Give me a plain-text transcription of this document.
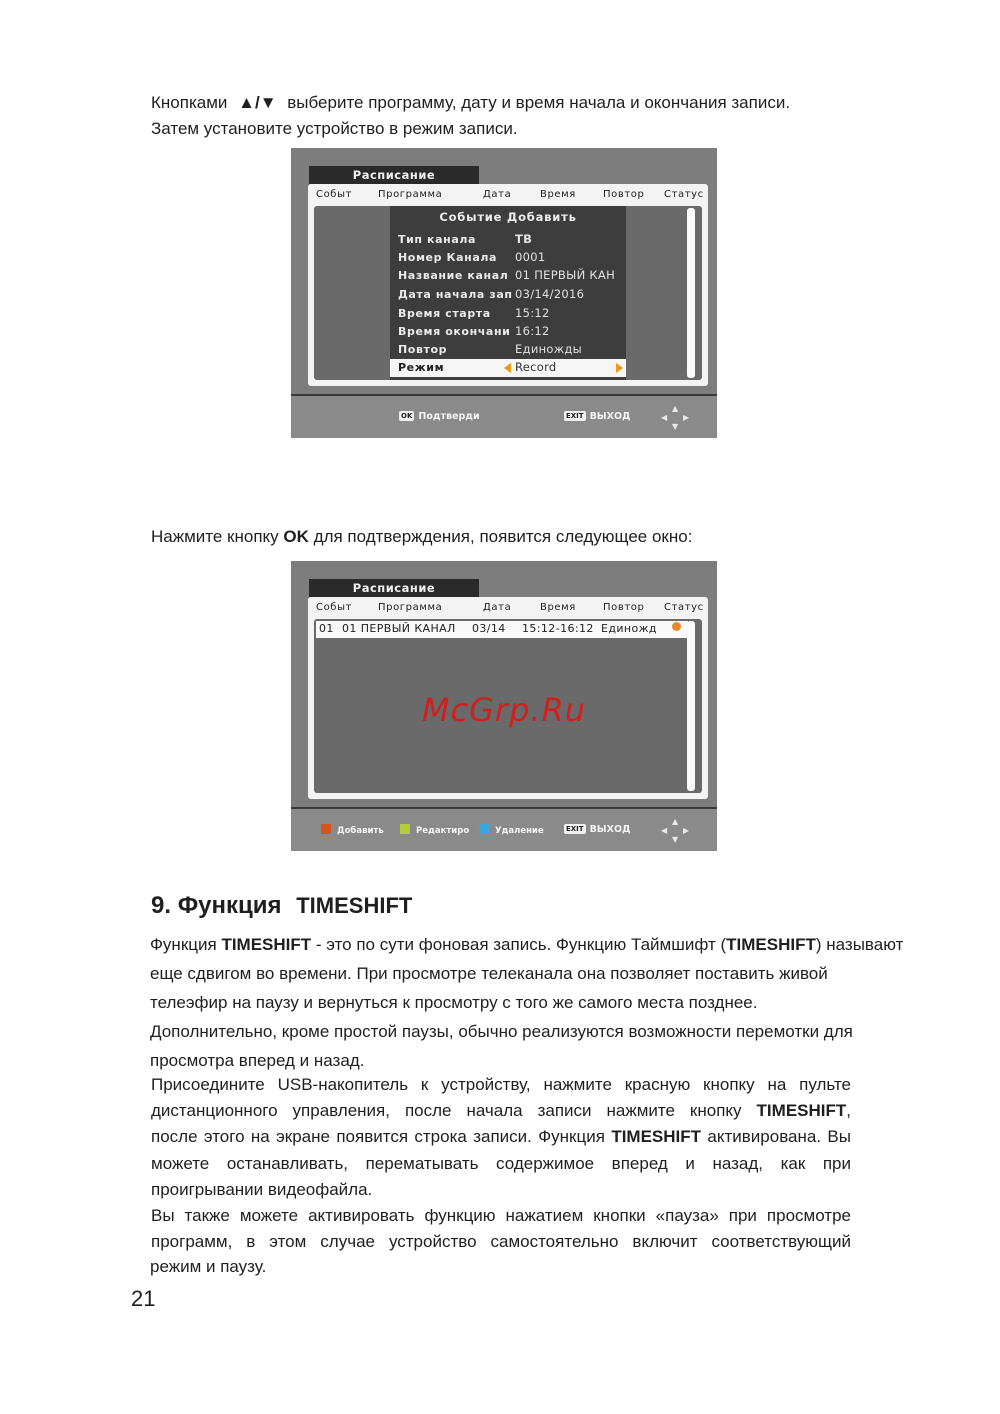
Кнопками ▲/▼ выберите программу, дату и время начала и окончания записи.

Затем установите устройство в режим записи.

Расписание
Событ	Программа	Дата	Время	Повтор Статус
Событие Добавить
Тип канала	ТВ
Номер Канала 0001
Название канал 01 ПЕРВЫЙ КАН
Дата начала зап 03/14/2016
Время старта 15:12
Время окончани 16:12
Повтор	Единожды
Режим	Record
OK Подтверди	EXIT ВЫХОД
▲
◀ ▶
▼

Нажмите кнопку OK для подтверждения, появится следующее окно:

Расписание
Событ	Программа	Дата	Время	Повтор Статус
01 01 ПЕРВЫЙ КАНАЛ 03/14 15:12-16:12 Единожд
McGrp.Ru
Добавить	Редактиро	Удаление	EXIT ВЫХОД
▲
◀ ▶
▼
9. Функция TIMESHIFT

Функция TIMESHIFT - это по сути фоновая запись. Функцию Таймшифт (TIMESHIFT) называют

еще сдвигом во времени. При просмотре телеканала она позволяет поставить живой

телеэфир на паузу и вернуться к просмотру с того же самого места позднее.

Дополнительно, кроме простой паузы, обычно реализуются возможности перемотки для

просмотра вперед и назад.

Присоедините USB-накопитель к устройству, нажмите красную кнопку на пульте

дистанционного управления, после начала записи нажмите кнопку TIMESHIFT,

после этого на экране появится строка записи. Функция TIMESHIFT активирована. Вы

можете останавливать, перематывать содержимое вперед и назад, как при

проигрывании видеофайла.

Вы также можете активировать функцию нажатием кнопки «пауза» при просмотре

программ, в этом случае устройство самостоятельно включит соответствующий

режим и паузу.

21
